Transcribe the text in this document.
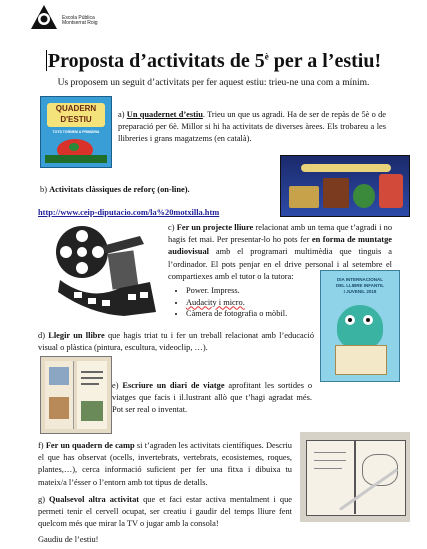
Escola Pública
Montserrat Roig
Proposta d’activitats de $5^è$ per a l’estiu!
Us proposem un seguit d’activitats per fer aquest estiu: trieu-ne una com a mínim.
QUADERN
D'ESTIU
TOTS TORNEM A PRIMÀRIA
a) Un quadernet d’estiu. Trieu un que us agradi. Ha de ser de repàs de 5è o de preparació per 6è. Millor si hi ha activitats de diverses àrees. Els trobareu a les llibreries i grans magatzems (en català).
b) Activitats clàssiques de reforç (on-line).
http://www.ceip-diputacio.com/la%20motxilla.htm
c) Fer un projecte lliure relacionat amb un tema que t’agradi i no hagis fet mai. Per presentar-lo ho pots fer en forma de muntatge audiovisual amb el programari multimèdia que tinguis a l’ordinador. El pots penjar en el drive personal i al setembre el compartiexes amb el tutor o la tutora:
• Power. Impress.
• Audacity i micro.
• Càmera de fotografia o mòbil.
DIA INTERNACIONAL
DEL LLIBRE INFANTIL
I JUVENIL 2018
d) Llegir un llibre que hagis triat tu i fer un treball relacionat amb l’educació visual o plàstica (pintura, escultura, videoclip, …).
e) Escriure un diari de viatge aprofitant les sortides o viatges que facis i il.lustrant allò que t’hagi agradat més. Pot ser real o inventat.
f) Fer un quadern de camp si t’agraden les activitats científiques. Descriu el que has observat (ocells, invertebrats, vertebrats, ecosistemes, roques, plantes,…), cerca informació suficient per fer una fitxa i dibuixa tu mateix/a l’ésser o l’entorn amb tot tipus de detalls.
g) Qualsevol altra activitat que et faci estar activa mentalment i que permeti tenir el cervell ocupat, ser creatiu i gaudir del temps lliure fent quelcom més que mirar la TV o jugar amb la consola!
Gaudiu de l’estiu!
